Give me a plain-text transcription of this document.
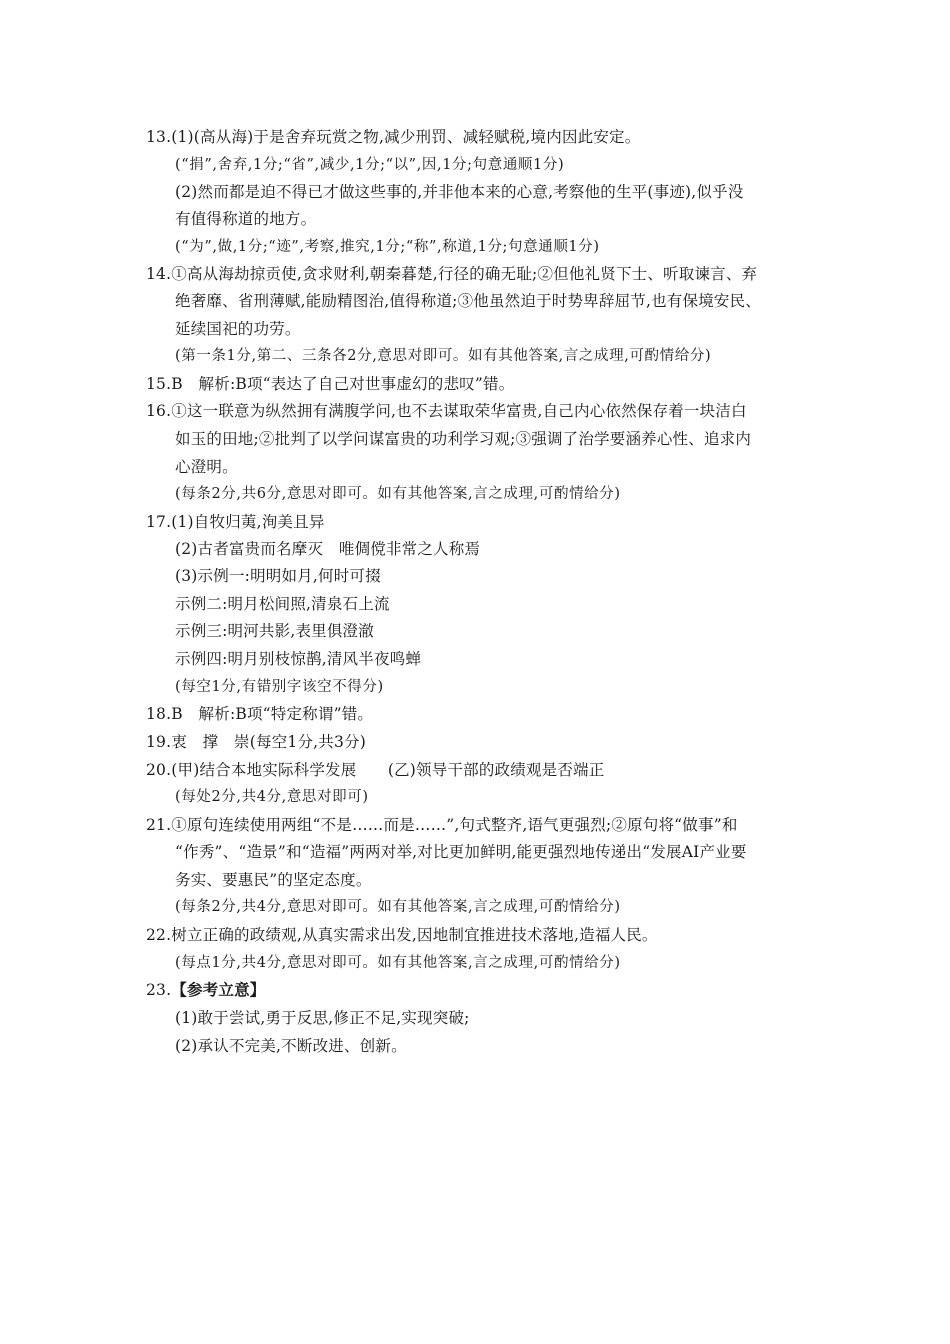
13.(1)(高从海)于是舍弃玩赏之物,减少刑罚、减轻赋税,境内因此安定。
(“捐”,舍弃,1分;“省”,减少,1分;“以”,因,1分;句意通顺1分)
(2)然而都是迫不得已才做这些事的,并非他本来的心意,考察他的生平(事迹),似乎没
有值得称道的地方。
(“为”,做,1分;“迹”,考察,推究,1分;“称”,称道,1分;句意通顺1分)
14.①高从海劫掠贡使,贪求财利,朝秦暮楚,行径的确无耻;②但他礼贤下士、听取谏言、弃
绝奢靡、省刑薄赋,能励精图治,值得称道;③他虽然迫于时势卑辞屈节,也有保境安民、
延续国祀的功劳。
(第一条1分,第二、三条各2分,意思对即可。如有其他答案,言之成理,可酌情给分)
15.B　解析:B项“表达了自己对世事虚幻的悲叹”错。
16.①这一联意为纵然拥有满腹学问,也不去谋取荣华富贵,自己内心依然保存着一块洁白
如玉的田地;②批判了以学问谋富贵的功利学习观;③强调了治学要涵养心性、追求内
心澄明。
(每条2分,共6分,意思对即可。如有其他答案,言之成理,可酌情给分)
17.(1)自牧归荑,洵美且异
(2)古者富贵而名摩灭　唯倜傥非常之人称焉
(3)示例一:明明如月,何时可掇
示例二:明月松间照,清泉石上流
示例三:明河共影,表里俱澄澈
示例四:明月别枝惊鹊,清风半夜鸣蝉
(每空1分,有错别字该空不得分)
18.B　解析:B项“特定称谓”错。
19.衷　撑　崇(每空1分,共3分)
20.(甲)结合本地实际科学发展　　(乙)领导干部的政绩观是否端正
(每处2分,共4分,意思对即可)
21.①原句连续使用两组“不是……而是……”,句式整齐,语气更强烈;②原句将“做事”和
“作秀”、“造景”和“造福”两两对举,对比更加鲜明,能更强烈地传递出“发展AI产业要
务实、要惠民”的坚定态度。
(每条2分,共4分,意思对即可。如有其他答案,言之成理,可酌情给分)
22.树立正确的政绩观,从真实需求出发,因地制宜推进技术落地,造福人民。
(每点1分,共4分,意思对即可。如有其他答案,言之成理,可酌情给分)
23.【参考立意】
(1)敢于尝试,勇于反思,修正不足,实现突破;
(2)承认不完美,不断改进、创新。
